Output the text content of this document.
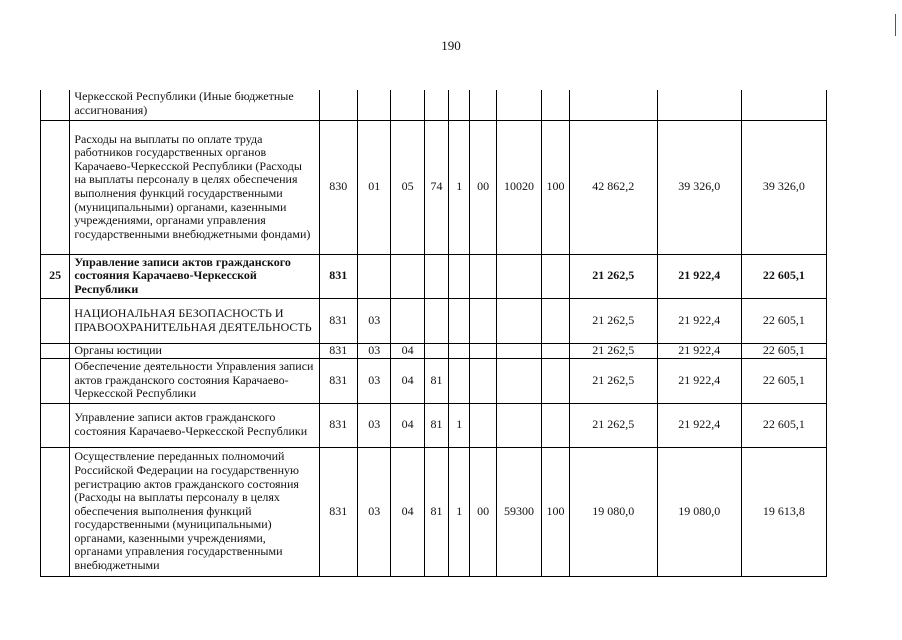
190
	Черкесской Республики (Иные бюджетные ассигнования)											
	Расходы на выплаты по оплате труда работников государственных органов Карачаево-Черкесской Республики (Расходы на выплаты персоналу в целях обеспечения выполнения функций государственными (муниципальными) органами, казенными учреждениями, органами управления государственными внебюджетными фондами)	830	01	05	74	1	00	10020	100	42 862,2	39 326,0	39 326,0
25	Управление записи актов гражданского состояния Карачаево-Черкесской Республики	831								21 262,5	21 922,4	22 605,1
	НАЦИОНАЛЬНАЯ БЕЗОПАСНОСТЬ И ПРАВООХРАНИТЕЛЬНАЯ ДЕЯТЕЛЬНОСТЬ	831	03							21 262,5	21 922,4	22 605,1
	Органы юстиции	831	03	04						21 262,5	21 922,4	22 605,1
	Обеспечение деятельности Управления записи актов гражданского состояния Карачаево-Черкесской Республики	831	03	04	81					21 262,5	21 922,4	22 605,1
	Управление записи актов гражданского состояния Карачаево-Черкесской Республики	831	03	04	81	1				21 262,5	21 922,4	22 605,1
	Осуществление переданных полномочий Российской Федерации на государственную регистрацию актов гражданского состояния (Расходы на выплаты персоналу в целях обеспечения выполнения функций государственными (муниципальными) органами, казенными учреждениями, органами управления государственными внебюджетными	831	03	04	81	1	00	59300	100	19 080,0	19 080,0	19 613,8
